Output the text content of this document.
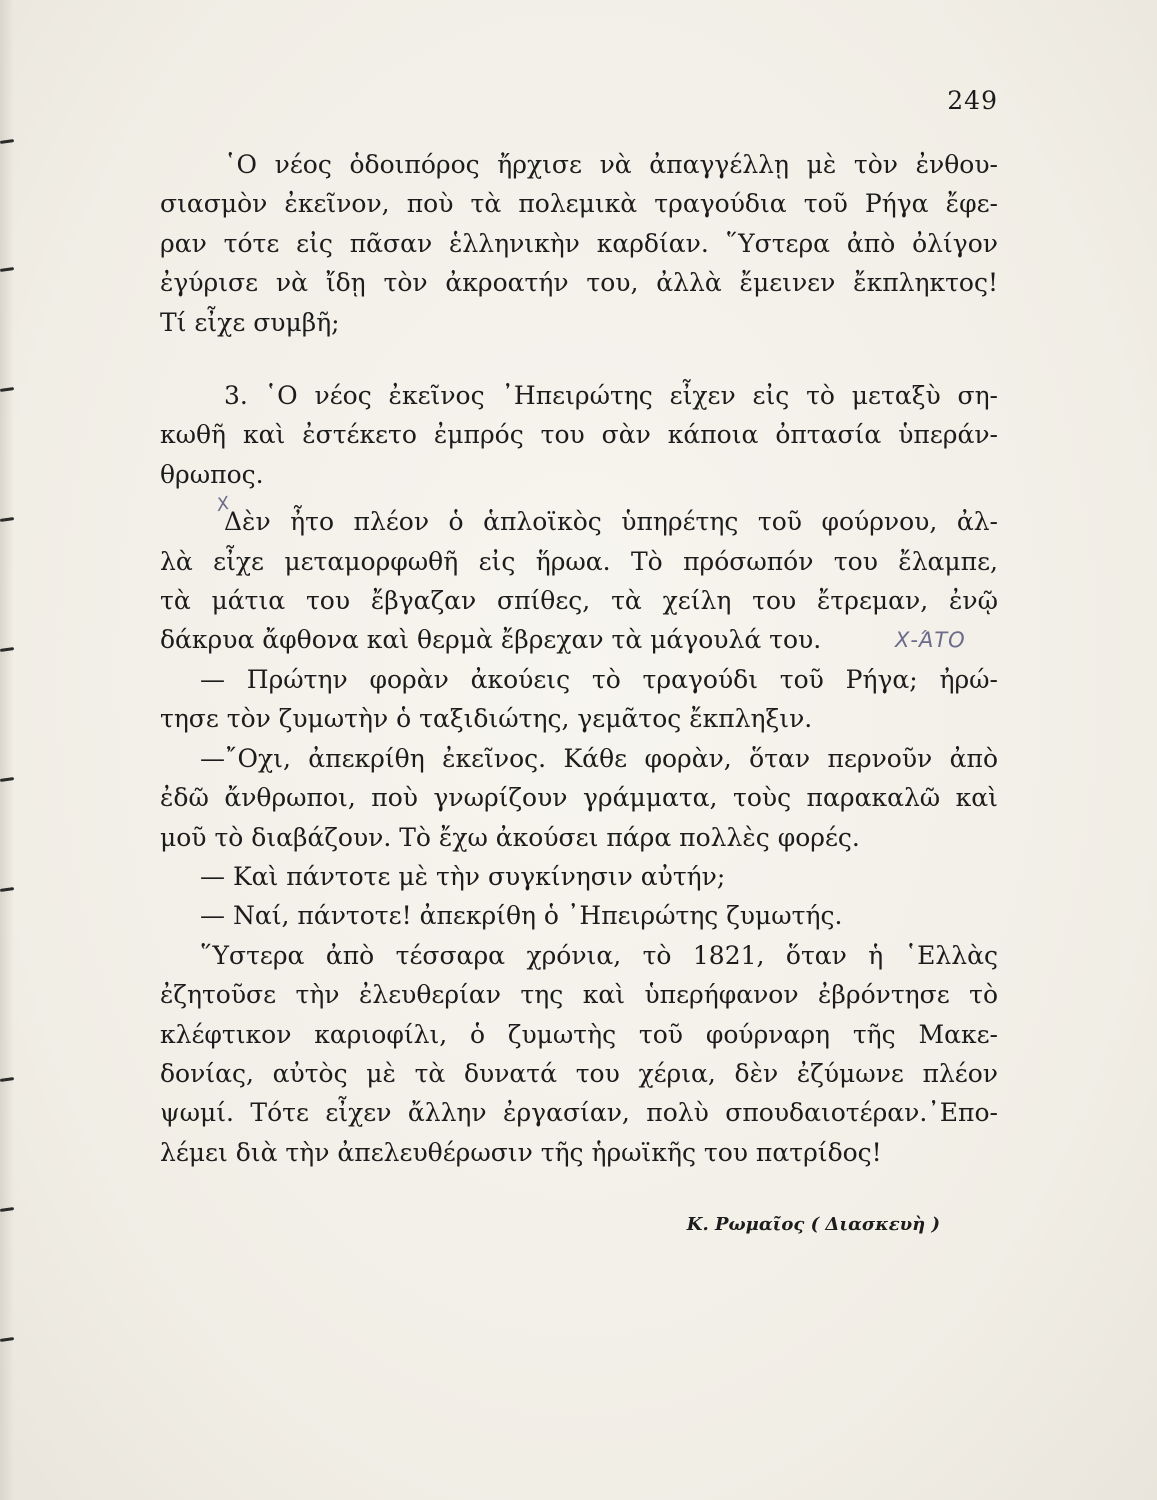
249
῾Ο νέος ὁδοιπόρος ἤρχισε νὰ ἀπαγγέλλῃ μὲ τὸν ἐνθου-
σιασμὸν ἐκεῖνον, ποὺ τὰ πολεμικὰ τραγούδια τοῦ Ρήγα ἔφε-
ραν τότε εἰς πᾶσαν ἑλληνικὴν καρδίαν. ῞Υστερα ἀπὸ ὀλίγον
ἐγύρισε νὰ ἴδῃ τὸν ἀκροατήν του, ἀλλὰ ἔμεινεν ἔκπληκτος!
Τί εἶχε συμβῆ;
3. ῾Ο νέος ἐκεῖνος ᾿Ηπειρώτης εἶχεν εἰς τὸ μεταξὺ ση-
κωθῆ καὶ ἐστέκετο ἐμπρός του σὰν κάποια ὀπτασία ὑπεράν-
θρωπος.
Δὲν ἦτο πλέον ὁ ἁπλοϊκὸς ὑπηρέτης τοῦ φούρνου, ἀλ-
λὰ εἶχε μεταμορφωθῆ εἰς ἥρωα. Τὸ πρόσωπόν του ἔλαμπε,
τὰ μάτια του ἔβγαζαν σπίθες, τὰ χείλη του ἔτρεμαν, ἐνῷ
δάκρυα ἄφθονα καὶ θερμὰ ἔβρεχαν τὰ μάγουλά του.
— Πρώτην φορὰν ἀκούεις τὸ τραγούδι τοῦ Ρήγα; ἠρώ-
τησε τὸν ζυμωτὴν ὁ ταξιδιώτης, γεμᾶτος ἔκπληξιν.
—῎Οχι, ἀπεκρίθη ἐκεῖνος. Κάθε φορὰν, ὅταν περνοῦν ἀπὸ
ἐδῶ ἄνθρωποι, ποὺ γνωρίζουν γράμματα, τοὺς παρακαλῶ καὶ
μοῦ τὸ διαβάζουν. Τὸ ἔχω ἀκούσει πάρα πολλὲς φορές.
— Καὶ πάντοτε μὲ τὴν συγκίνησιν αὐτήν;
— Ναί, πάντοτε! ἀπεκρίθη ὁ ᾿Ηπειρώτης ζυμωτής.
῞Υστερα ἀπὸ τέσσαρα χρόνια, τὸ 1821, ὅταν ἡ ῾Ελλὰς
ἐζητοῦσε τὴν ἐλευθερίαν της καὶ ὑπερήφανον ἐβρόντησε τὸ
κλέφτικον καριοφίλι, ὁ ζυμωτὴς τοῦ φούρναρη τῆς Μακε-
δονίας, αὐτὸς μὲ τὰ δυνατά του χέρια, δὲν ἐζύμωνε πλέον
ψωμί. Τότε εἶχεν ἄλλην ἐργασίαν, πολὺ σπουδαιοτέραν.᾿Επο-
λέμει διὰ τὴν ἀπελευθέρωσιν τῆς ἡρωϊκῆς του πατρίδος!
Κ. Ρωμαῖος ( Διασκευὴ )
Χ
Χ-ΆΤΟ
